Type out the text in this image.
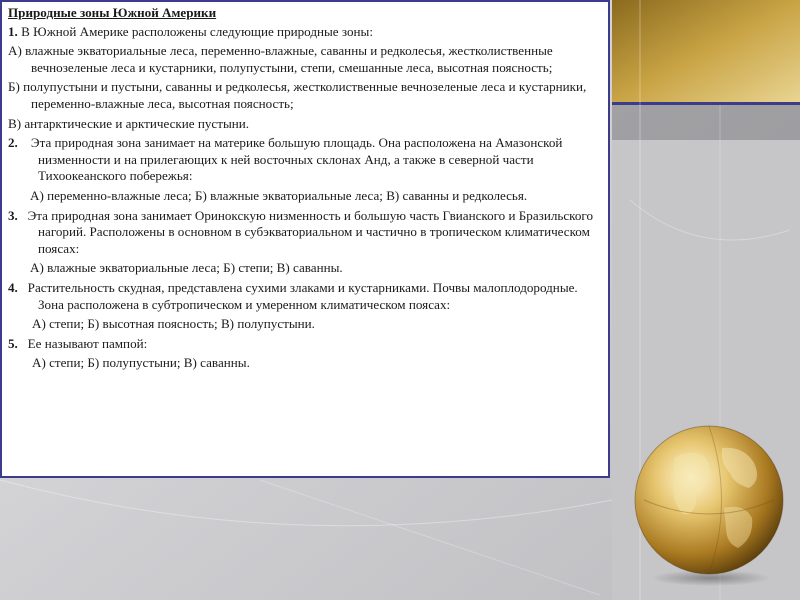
Природные зоны Южной Америки
1. В Южной Америке расположены следующие природные зоны:
А) влажные экваториальные леса, переменно-влажные, саванны и редколесья, жестколиственные вечнозеленые леса и кустарники, полупустыни, степи, смешанные леса, высотная поясность;
Б) полупустыни и пустыни, саванны и редколесья, жестколиственные вечнозеленые леса и кустарники, переменно-влажные леса, высотная поясность;
В) антарктические и арктические пустыни.
2. Эта природная зона занимает на материке большую площадь. Она расположена на Амазонской низменности и на прилегающих к ней восточных склонах Анд, а также в северной части Тихоокеанского побережья:
А) переменно-влажные леса; Б) влажные экваториальные леса; В) саванны и редколесья.
3. Эта природная зона занимает Оринокскую низменность и большую часть Гвианского и Бразильского нагорий. Расположены в основном в субэкваториальном и частично в тропическом климатическом поясах:
А) влажные экваториальные леса; Б) степи; В) саванны.
4. Растительность скудная, представлена сухими злаками и кустарниками. Почвы малоплодородные. Зона расположена в субтропическом и умеренном климатическом поясах:
А) степи; Б) высотная поясность; В) полупустыни.
5. Ее называют пампой:
А) степи; Б) полупустыни; В) саванны.
